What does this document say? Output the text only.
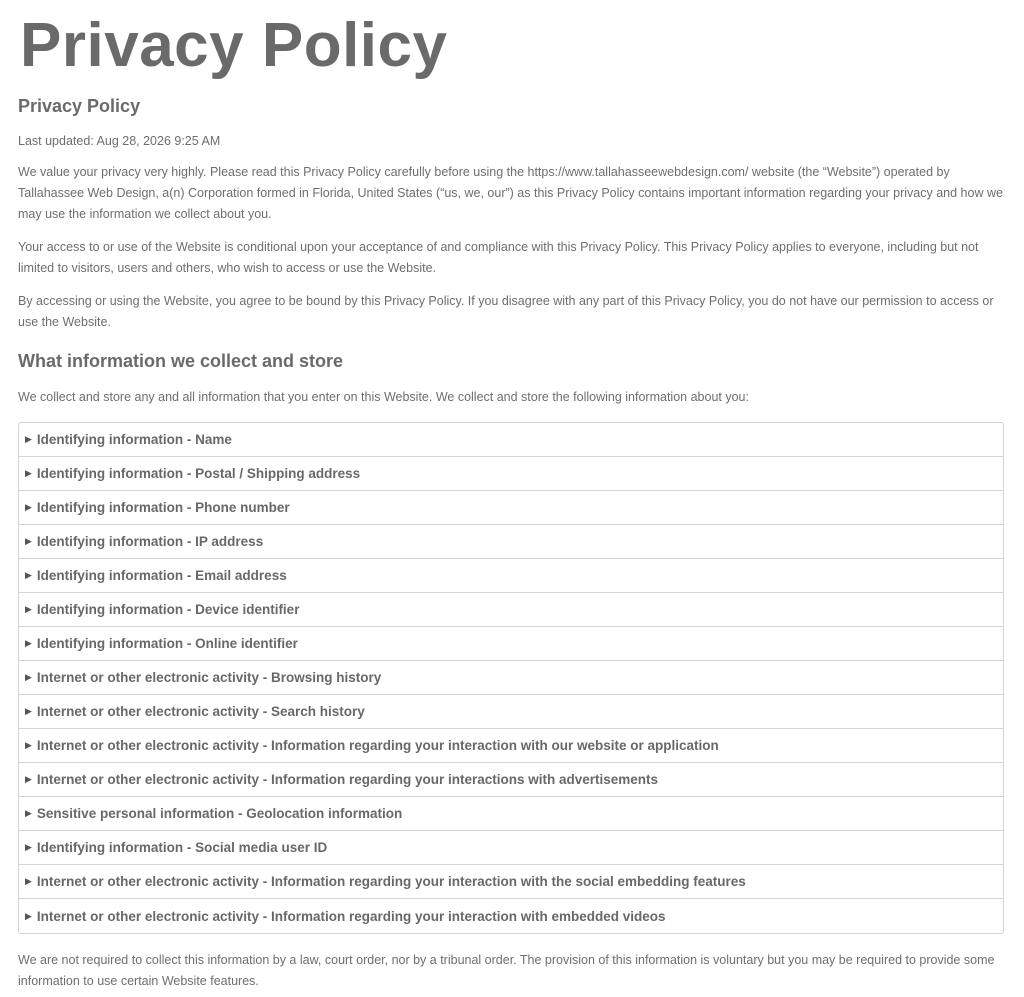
Privacy Policy
Privacy Policy
Last updated: Aug 28, 2026 9:25 AM

We value your privacy very highly. Please read this Privacy Policy carefully before using the https://www.tallahasseewebdesign.com/ website (the “Website”) operated by Tallahassee Web Design, a(n) Corporation formed in Florida, United States (“us, we, our”) as this Privacy Policy contains important information regarding your privacy and how we may use the information we collect about you.

Your access to or use of the Website is conditional upon your acceptance of and compliance with this Privacy Policy. This Privacy Policy applies to everyone, including but not limited to visitors, users and others, who wish to access or use the Website.

By accessing or using the Website, you agree to be bound by this Privacy Policy. If you disagree with any part of this Privacy Policy, you do not have our permission to access or use the Website.

What information we collect and store

We collect and store any and all information that you enter on this Website. We collect and store the following information about you:

▶ Identifying information - Name
▶ Identifying information - Postal / Shipping address
▶ Identifying information - Phone number
▶ Identifying information - IP address
▶ Identifying information - Email address
▶ Identifying information - Device identifier
▶ Identifying information - Online identifier
▶ Internet or other electronic activity - Browsing history
▶ Internet or other electronic activity - Search history
▶ Internet or other electronic activity - Information regarding your interaction with our website or application
▶ Internet or other electronic activity - Information regarding your interactions with advertisements
▶ Sensitive personal information - Geolocation information
▶ Identifying information - Social media user ID
▶ Internet or other electronic activity - Information regarding your interaction with the social embedding features
▶ Internet or other electronic activity - Information regarding your interaction with embedded videos

We are not required to collect this information by a law, court order, nor by a tribunal order. The provision of this information is voluntary but you may be required to provide some information to use certain Website features.
